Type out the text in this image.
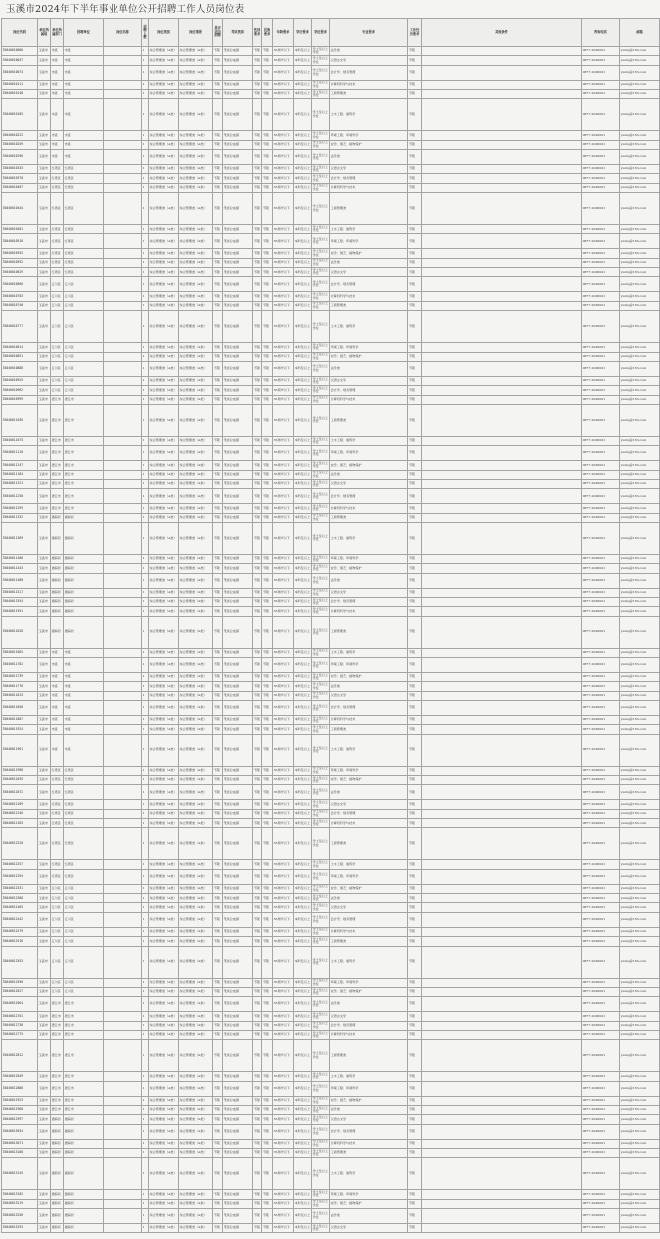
玉溪市2024年下半年事业单位公开招聘工作人员岗位表
岗位代码	单位所属地	单位所属部门	招聘单位	岗位名称	招聘人数	岗位类别	岗位等级	是否定向招聘	考试类别	性别要求	民族要求	年龄要求	学历要求	学位要求	专业要求	工作经历要求	其他条件	咨询电话	邮箱
35040010000	玉溪市	市直	市直		1	综合管理类（A类）	综合管理类（A类）	不限	笔试总成绩	不限	不限	35周岁以下	本科及以上	学士及以上学位	法学类	不限		0877-2026001	yxsrsj@163.com
35040010037	玉溪市	市直	市直		1	综合管理类（A类）	综合管理类（A类）	不限	笔试总成绩	不限	不限	35周岁以下	本科及以上	学士及以上学位	汉语言文学	不限		0877-2026001	yxsrsj@163.com
35040010074	玉溪市	市直	市直		1	综合管理类（A类）	综合管理类（A类）	不限	笔试总成绩	不限	不限	35周岁以下	本科及以上	学士及以上学位	会计学；财务管理	不限		0877-2026001	yxsrsj@163.com
35040010111	玉溪市	市直	市直		1	综合管理类（A类）	综合管理类（A类）	不限	笔试总成绩	不限	不限	35周岁以下	本科及以上	学士及以上学位	计算机科学与技术	不限		0877-2026001	yxsrsj@163.com
35040010148	玉溪市	市直	市直		1	综合管理类（A类）	综合管理类（A类）	不限	笔试总成绩	不限	不限	35周岁以下	本科及以上	学士及以上学位	工商管理类	不限		0877-2026001	yxsrsj@163.com
35040010185	玉溪市	市直	市直		1	综合管理类（A类）	综合管理类（A类）	不限	笔试总成绩	不限	不限	35周岁以下	本科及以上	学士及以上学位	土木工程；建筑学	不限		0877-2026001	yxsrsj@163.com
35040010222	玉溪市	市直	市直		1	综合管理类（A类）	综合管理类（A类）	不限	笔试总成绩	不限	不限	35周岁以下	本科及以上	学士及以上学位	环境工程；环境科学	不限		0877-2026001	yxsrsj@163.com
35040010259	玉溪市	市直	市直		1	综合管理类（A类）	综合管理类（A类）	不限	笔试总成绩	不限	不限	35周岁以下	本科及以上	学士及以上学位	农学；园艺；植物保护	不限		0877-2026001	yxsrsj@163.com
35040010296	玉溪市	市直	市直		1	综合管理类（A类）	综合管理类（A类）	不限	笔试总成绩	不限	不限	35周岁以下	本科及以上	学士及以上学位	法学类	不限		0877-2026001	yxsrsj@163.com
35040010333	玉溪市	红塔区	红塔区		1	综合管理类（A类）	综合管理类（A类）	不限	笔试总成绩	不限	不限	35周岁以下	本科及以上	学士及以上学位	汉语言文学	不限		0877-2026001	yxsrsj@163.com
35040010370	玉溪市	红塔区	红塔区		1	综合管理类（A类）	综合管理类（A类）	不限	笔试总成绩	不限	不限	35周岁以下	本科及以上	学士及以上学位	会计学；财务管理	不限		0877-2026001	yxsrsj@163.com
35040010407	玉溪市	红塔区	红塔区		1	综合管理类（A类）	综合管理类（A类）	不限	笔试总成绩	不限	不限	35周岁以下	本科及以上	学士及以上学位	计算机科学与技术	不限		0877-2026001	yxsrsj@163.com
35040010444	玉溪市	红塔区	红塔区		1	综合管理类（A类）	综合管理类（A类）	不限	笔试总成绩	不限	不限	35周岁以下	本科及以上	学士及以上学位	工商管理类	不限		0877-2026001	yxsrsj@163.com
35040010481	玉溪市	红塔区	红塔区		1	综合管理类（A类）	综合管理类（A类）	不限	笔试总成绩	不限	不限	35周岁以下	本科及以上	学士及以上学位	土木工程；建筑学	不限		0877-2026001	yxsrsj@163.com
35040010518	玉溪市	红塔区	红塔区		1	综合管理类（A类）	综合管理类（A类）	不限	笔试总成绩	不限	不限	35周岁以下	本科及以上	学士及以上学位	环境工程；环境科学	不限		0877-2026001	yxsrsj@163.com
35040010555	玉溪市	红塔区	红塔区		1	综合管理类（A类）	综合管理类（A类）	不限	笔试总成绩	不限	不限	35周岁以下	本科及以上	学士及以上学位	农学；园艺；植物保护	不限		0877-2026001	yxsrsj@163.com
35040010592	玉溪市	红塔区	红塔区		1	综合管理类（A类）	综合管理类（A类）	不限	笔试总成绩	不限	不限	35周岁以下	本科及以上	学士及以上学位	法学类	不限		0877-2026001	yxsrsj@163.com
35040010629	玉溪市	红塔区	红塔区		1	综合管理类（A类）	综合管理类（A类）	不限	笔试总成绩	不限	不限	35周岁以下	本科及以上	学士及以上学位	汉语言文学	不限		0877-2026001	yxsrsj@163.com
35040010666	玉溪市	江川区	江川区		1	综合管理类（A类）	综合管理类（A类）	不限	笔试总成绩	不限	不限	35周岁以下	本科及以上	学士及以上学位	会计学；财务管理	不限		0877-2026001	yxsrsj@163.com
35040010703	玉溪市	江川区	江川区		1	综合管理类（A类）	综合管理类（A类）	不限	笔试总成绩	不限	不限	35周岁以下	本科及以上	学士及以上学位	计算机科学与技术	不限		0877-2026001	yxsrsj@163.com
35040010740	玉溪市	江川区	江川区		1	综合管理类（A类）	综合管理类（A类）	不限	笔试总成绩	不限	不限	35周岁以下	本科及以上	学士及以上学位	工商管理类	不限		0877-2026001	yxsrsj@163.com
35040010777	玉溪市	江川区	江川区		1	综合管理类（A类）	综合管理类（A类）	不限	笔试总成绩	不限	不限	35周岁以下	本科及以上	学士及以上学位	土木工程；建筑学	不限		0877-2026001	yxsrsj@163.com
35040010814	玉溪市	江川区	江川区		1	综合管理类（A类）	综合管理类（A类）	不限	笔试总成绩	不限	不限	35周岁以下	本科及以上	学士及以上学位	环境工程；环境科学	不限		0877-2026001	yxsrsj@163.com
35040010851	玉溪市	江川区	江川区		1	综合管理类（A类）	综合管理类（A类）	不限	笔试总成绩	不限	不限	35周岁以下	本科及以上	学士及以上学位	农学；园艺；植物保护	不限		0877-2026001	yxsrsj@163.com
35040010888	玉溪市	江川区	江川区		1	综合管理类（A类）	综合管理类（A类）	不限	笔试总成绩	不限	不限	35周岁以下	本科及以上	学士及以上学位	法学类	不限		0877-2026001	yxsrsj@163.com
35040010925	玉溪市	江川区	江川区		1	综合管理类（A类）	综合管理类（A类）	不限	笔试总成绩	不限	不限	35周岁以下	本科及以上	学士及以上学位	汉语言文学	不限		0877-2026001	yxsrsj@163.com
35040010962	玉溪市	江川区	江川区		1	综合管理类（A类）	综合管理类（A类）	不限	笔试总成绩	不限	不限	35周岁以下	本科及以上	学士及以上学位	会计学；财务管理	不限		0877-2026001	yxsrsj@163.com
35040010999	玉溪市	澄江市	澄江市		1	综合管理类（A类）	综合管理类（A类）	不限	笔试总成绩	不限	不限	35周岁以下	本科及以上	学士及以上学位	计算机科学与技术	不限		0877-2026001	yxsrsj@163.com
35040011036	玉溪市	澄江市	澄江市		1	综合管理类（A类）	综合管理类（A类）	不限	笔试总成绩	不限	不限	35周岁以下	本科及以上	学士及以上学位	工商管理类	不限		0877-2026001	yxsrsj@163.com
35040011073	玉溪市	澄江市	澄江市		1	综合管理类（A类）	综合管理类（A类）	不限	笔试总成绩	不限	不限	35周岁以下	本科及以上	学士及以上学位	土木工程；建筑学	不限		0877-2026001	yxsrsj@163.com
35040011110	玉溪市	澄江市	澄江市		1	综合管理类（A类）	综合管理类（A类）	不限	笔试总成绩	不限	不限	35周岁以下	本科及以上	学士及以上学位	环境工程；环境科学	不限		0877-2026001	yxsrsj@163.com
35040011147	玉溪市	澄江市	澄江市		1	综合管理类（A类）	综合管理类（A类）	不限	笔试总成绩	不限	不限	35周岁以下	本科及以上	学士及以上学位	农学；园艺；植物保护	不限		0877-2026001	yxsrsj@163.com
35040011184	玉溪市	澄江市	澄江市		1	综合管理类（A类）	综合管理类（A类）	不限	笔试总成绩	不限	不限	35周岁以下	本科及以上	学士及以上学位	法学类	不限		0877-2026001	yxsrsj@163.com
35040011221	玉溪市	澄江市	澄江市		1	综合管理类（A类）	综合管理类（A类）	不限	笔试总成绩	不限	不限	35周岁以下	本科及以上	学士及以上学位	汉语言文学	不限		0877-2026001	yxsrsj@163.com
35040011258	玉溪市	澄江市	澄江市		1	综合管理类（A类）	综合管理类（A类）	不限	笔试总成绩	不限	不限	35周岁以下	本科及以上	学士及以上学位	会计学；财务管理	不限		0877-2026001	yxsrsj@163.com
35040011295	玉溪市	澄江市	澄江市		1	综合管理类（A类）	综合管理类（A类）	不限	笔试总成绩	不限	不限	35周岁以下	本科及以上	学士及以上学位	计算机科学与技术	不限		0877-2026001	yxsrsj@163.com
35040011332	玉溪市	通海县	通海县		1	综合管理类（A类）	综合管理类（A类）	不限	笔试总成绩	不限	不限	35周岁以下	本科及以上	学士及以上学位	工商管理类	不限		0877-2026001	yxsrsj@163.com
35040011369	玉溪市	通海县	通海县		1	综合管理类（A类）	综合管理类（A类）	不限	笔试总成绩	不限	不限	35周岁以下	本科及以上	学士及以上学位	土木工程；建筑学	不限		0877-2026001	yxsrsj@163.com
35040011406	玉溪市	通海县	通海县		1	综合管理类（A类）	综合管理类（A类）	不限	笔试总成绩	不限	不限	35周岁以下	本科及以上	学士及以上学位	环境工程；环境科学	不限		0877-2026001	yxsrsj@163.com
35040011443	玉溪市	通海县	通海县		1	综合管理类（A类）	综合管理类（A类）	不限	笔试总成绩	不限	不限	35周岁以下	本科及以上	学士及以上学位	农学；园艺；植物保护	不限		0877-2026001	yxsrsj@163.com
35040011480	玉溪市	通海县	通海县		1	综合管理类（A类）	综合管理类（A类）	不限	笔试总成绩	不限	不限	35周岁以下	本科及以上	学士及以上学位	法学类	不限		0877-2026001	yxsrsj@163.com
35040011517	玉溪市	通海县	通海县		1	综合管理类（A类）	综合管理类（A类）	不限	笔试总成绩	不限	不限	35周岁以下	本科及以上	学士及以上学位	汉语言文学	不限		0877-2026001	yxsrsj@163.com
35040011554	玉溪市	通海县	通海县		1	综合管理类（A类）	综合管理类（A类）	不限	笔试总成绩	不限	不限	35周岁以下	本科及以上	学士及以上学位	会计学；财务管理	不限		0877-2026001	yxsrsj@163.com
35040011591	玉溪市	通海县	通海县		1	综合管理类（A类）	综合管理类（A类）	不限	笔试总成绩	不限	不限	35周岁以下	本科及以上	学士及以上学位	计算机科学与技术	不限		0877-2026001	yxsrsj@163.com
35040011628	玉溪市	通海县	通海县		1	综合管理类（A类）	综合管理类（A类）	不限	笔试总成绩	不限	不限	35周岁以下	本科及以上	学士及以上学位	工商管理类	不限		0877-2026001	yxsrsj@163.com
35040011665	玉溪市	市直	市直		1	综合管理类（A类）	综合管理类（A类）	不限	笔试总成绩	不限	不限	35周岁以下	本科及以上	学士及以上学位	土木工程；建筑学	不限		0877-2026001	yxsrsj@163.com
35040011702	玉溪市	市直	市直		1	综合管理类（A类）	综合管理类（A类）	不限	笔试总成绩	不限	不限	35周岁以下	本科及以上	学士及以上学位	环境工程；环境科学	不限		0877-2026001	yxsrsj@163.com
35040011739	玉溪市	市直	市直		1	综合管理类（A类）	综合管理类（A类）	不限	笔试总成绩	不限	不限	35周岁以下	本科及以上	学士及以上学位	农学；园艺；植物保护	不限		0877-2026001	yxsrsj@163.com
35040011776	玉溪市	市直	市直		1	综合管理类（A类）	综合管理类（A类）	不限	笔试总成绩	不限	不限	35周岁以下	本科及以上	学士及以上学位	法学类	不限		0877-2026001	yxsrsj@163.com
35040011813	玉溪市	市直	市直		1	综合管理类（A类）	综合管理类（A类）	不限	笔试总成绩	不限	不限	35周岁以下	本科及以上	学士及以上学位	汉语言文学	不限		0877-2026001	yxsrsj@163.com
35040011850	玉溪市	市直	市直		1	综合管理类（A类）	综合管理类（A类）	不限	笔试总成绩	不限	不限	35周岁以下	本科及以上	学士及以上学位	会计学；财务管理	不限		0877-2026001	yxsrsj@163.com
35040011887	玉溪市	市直	市直		1	综合管理类（A类）	综合管理类（A类）	不限	笔试总成绩	不限	不限	35周岁以下	本科及以上	学士及以上学位	计算机科学与技术	不限		0877-2026001	yxsrsj@163.com
35040011924	玉溪市	市直	市直		1	综合管理类（A类）	综合管理类（A类）	不限	笔试总成绩	不限	不限	35周岁以下	本科及以上	学士及以上学位	工商管理类	不限		0877-2026001	yxsrsj@163.com
35040011961	玉溪市	市直	市直		1	综合管理类（A类）	综合管理类（A类）	不限	笔试总成绩	不限	不限	35周岁以下	本科及以上	学士及以上学位	土木工程；建筑学	不限		0877-2026001	yxsrsj@163.com
35040011998	玉溪市	红塔区	红塔区		1	综合管理类（A类）	综合管理类（A类）	不限	笔试总成绩	不限	不限	35周岁以下	本科及以上	学士及以上学位	环境工程；环境科学	不限		0877-2026001	yxsrsj@163.com
35040012035	玉溪市	红塔区	红塔区		1	综合管理类（A类）	综合管理类（A类）	不限	笔试总成绩	不限	不限	35周岁以下	本科及以上	学士及以上学位	农学；园艺；植物保护	不限		0877-2026001	yxsrsj@163.com
35040012072	玉溪市	红塔区	红塔区		1	综合管理类（A类）	综合管理类（A类）	不限	笔试总成绩	不限	不限	35周岁以下	本科及以上	学士及以上学位	法学类	不限		0877-2026001	yxsrsj@163.com
35040012109	玉溪市	红塔区	红塔区		1	综合管理类（A类）	综合管理类（A类）	不限	笔试总成绩	不限	不限	35周岁以下	本科及以上	学士及以上学位	汉语言文学	不限		0877-2026001	yxsrsj@163.com
35040012146	玉溪市	红塔区	红塔区		1	综合管理类（A类）	综合管理类（A类）	不限	笔试总成绩	不限	不限	35周岁以下	本科及以上	学士及以上学位	会计学；财务管理	不限		0877-2026001	yxsrsj@163.com
35040012183	玉溪市	红塔区	红塔区		1	综合管理类（A类）	综合管理类（A类）	不限	笔试总成绩	不限	不限	35周岁以下	本科及以上	学士及以上学位	计算机科学与技术	不限		0877-2026001	yxsrsj@163.com
35040012220	玉溪市	红塔区	红塔区		1	综合管理类（A类）	综合管理类（A类）	不限	笔试总成绩	不限	不限	35周岁以下	本科及以上	学士及以上学位	工商管理类	不限		0877-2026001	yxsrsj@163.com
35040012257	玉溪市	红塔区	红塔区		1	综合管理类（A类）	综合管理类（A类）	不限	笔试总成绩	不限	不限	35周岁以下	本科及以上	学士及以上学位	土木工程；建筑学	不限		0877-2026001	yxsrsj@163.com
35040012294	玉溪市	红塔区	红塔区		1	综合管理类（A类）	综合管理类（A类）	不限	笔试总成绩	不限	不限	35周岁以下	本科及以上	学士及以上学位	环境工程；环境科学	不限		0877-2026001	yxsrsj@163.com
35040012331	玉溪市	江川区	江川区		1	综合管理类（A类）	综合管理类（A类）	不限	笔试总成绩	不限	不限	35周岁以下	本科及以上	学士及以上学位	农学；园艺；植物保护	不限		0877-2026001	yxsrsj@163.com
35040012368	玉溪市	江川区	江川区		1	综合管理类（A类）	综合管理类（A类）	不限	笔试总成绩	不限	不限	35周岁以下	本科及以上	学士及以上学位	法学类	不限		0877-2026001	yxsrsj@163.com
35040012405	玉溪市	江川区	江川区		1	综合管理类（A类）	综合管理类（A类）	不限	笔试总成绩	不限	不限	35周岁以下	本科及以上	学士及以上学位	汉语言文学	不限		0877-2026001	yxsrsj@163.com
35040012442	玉溪市	江川区	江川区		1	综合管理类（A类）	综合管理类（A类）	不限	笔试总成绩	不限	不限	35周岁以下	本科及以上	学士及以上学位	会计学；财务管理	不限		0877-2026001	yxsrsj@163.com
35040012479	玉溪市	江川区	江川区		1	综合管理类（A类）	综合管理类（A类）	不限	笔试总成绩	不限	不限	35周岁以下	本科及以上	学士及以上学位	计算机科学与技术	不限		0877-2026001	yxsrsj@163.com
35040012516	玉溪市	江川区	江川区		1	综合管理类（A类）	综合管理类（A类）	不限	笔试总成绩	不限	不限	35周岁以下	本科及以上	学士及以上学位	工商管理类	不限		0877-2026001	yxsrsj@163.com
35040012553	玉溪市	江川区	江川区		1	综合管理类（A类）	综合管理类（A类）	不限	笔试总成绩	不限	不限	35周岁以下	本科及以上	学士及以上学位	土木工程；建筑学	不限		0877-2026001	yxsrsj@163.com
35040012590	玉溪市	江川区	江川区		1	综合管理类（A类）	综合管理类（A类）	不限	笔试总成绩	不限	不限	35周岁以下	本科及以上	学士及以上学位	环境工程；环境科学	不限		0877-2026001	yxsrsj@163.com
35040012627	玉溪市	江川区	江川区		1	综合管理类（A类）	综合管理类（A类）	不限	笔试总成绩	不限	不限	35周岁以下	本科及以上	学士及以上学位	农学；园艺；植物保护	不限		0877-2026001	yxsrsj@163.com
35040012664	玉溪市	澄江市	澄江市		1	综合管理类（A类）	综合管理类（A类）	不限	笔试总成绩	不限	不限	35周岁以下	本科及以上	学士及以上学位	法学类	不限		0877-2026001	yxsrsj@163.com
35040012701	玉溪市	澄江市	澄江市		1	综合管理类（A类）	综合管理类（A类）	不限	笔试总成绩	不限	不限	35周岁以下	本科及以上	学士及以上学位	汉语言文学	不限		0877-2026001	yxsrsj@163.com
35040012738	玉溪市	澄江市	澄江市		1	综合管理类（A类）	综合管理类（A类）	不限	笔试总成绩	不限	不限	35周岁以下	本科及以上	学士及以上学位	会计学；财务管理	不限		0877-2026001	yxsrsj@163.com
35040012775	玉溪市	澄江市	澄江市		1	综合管理类（A类）	综合管理类（A类）	不限	笔试总成绩	不限	不限	35周岁以下	本科及以上	学士及以上学位	计算机科学与技术	不限		0877-2026001	yxsrsj@163.com
35040012812	玉溪市	澄江市	澄江市		1	综合管理类（A类）	综合管理类（A类）	不限	笔试总成绩	不限	不限	35周岁以下	本科及以上	学士及以上学位	工商管理类	不限		0877-2026001	yxsrsj@163.com
35040012849	玉溪市	澄江市	澄江市		1	综合管理类（A类）	综合管理类（A类）	不限	笔试总成绩	不限	不限	35周岁以下	本科及以上	学士及以上学位	土木工程；建筑学	不限		0877-2026001	yxsrsj@163.com
35040012886	玉溪市	澄江市	澄江市		1	综合管理类（A类）	综合管理类（A类）	不限	笔试总成绩	不限	不限	35周岁以下	本科及以上	学士及以上学位	环境工程；环境科学	不限		0877-2026001	yxsrsj@163.com
35040012923	玉溪市	澄江市	澄江市		1	综合管理类（A类）	综合管理类（A类）	不限	笔试总成绩	不限	不限	35周岁以下	本科及以上	学士及以上学位	农学；园艺；植物保护	不限		0877-2026001	yxsrsj@163.com
35040012960	玉溪市	澄江市	澄江市		1	综合管理类（A类）	综合管理类（A类）	不限	笔试总成绩	不限	不限	35周岁以下	本科及以上	学士及以上学位	法学类	不限		0877-2026001	yxsrsj@163.com
35040012997	玉溪市	通海县	通海县		1	综合管理类（A类）	综合管理类（A类）	不限	笔试总成绩	不限	不限	35周岁以下	本科及以上	学士及以上学位	汉语言文学	不限		0877-2026001	yxsrsj@163.com
35040013034	玉溪市	通海县	通海县		1	综合管理类（A类）	综合管理类（A类）	不限	笔试总成绩	不限	不限	35周岁以下	本科及以上	学士及以上学位	会计学；财务管理	不限		0877-2026001	yxsrsj@163.com
35040013071	玉溪市	通海县	通海县		1	综合管理类（A类）	综合管理类（A类）	不限	笔试总成绩	不限	不限	35周岁以下	本科及以上	学士及以上学位	计算机科学与技术	不限		0877-2026001	yxsrsj@163.com
35040013108	玉溪市	通海县	通海县		1	综合管理类（A类）	综合管理类（A类）	不限	笔试总成绩	不限	不限	35周岁以下	本科及以上	学士及以上学位	工商管理类	不限		0877-2026001	yxsrsj@163.com
35040013145	玉溪市	通海县	通海县		1	综合管理类（A类）	综合管理类（A类）	不限	笔试总成绩	不限	不限	35周岁以下	本科及以上	学士及以上学位	土木工程；建筑学	不限		0877-2026001	yxsrsj@163.com
35040013182	玉溪市	通海县	通海县		1	综合管理类（A类）	综合管理类（A类）	不限	笔试总成绩	不限	不限	35周岁以下	本科及以上	学士及以上学位	环境工程；环境科学	不限		0877-2026001	yxsrsj@163.com
35040013219	玉溪市	通海县	通海县		1	综合管理类（A类）	综合管理类（A类）	不限	笔试总成绩	不限	不限	35周岁以下	本科及以上	学士及以上学位	农学；园艺；植物保护	不限		0877-2026001	yxsrsj@163.com
35040013256	玉溪市	通海县	通海县		1	综合管理类（A类）	综合管理类（A类）	不限	笔试总成绩	不限	不限	35周岁以下	本科及以上	学士及以上学位	法学类	不限		0877-2026001	yxsrsj@163.com
35040013293	玉溪市	通海县	通海县		1	综合管理类（A类）	综合管理类（A类）	不限	笔试总成绩	不限	不限	35周岁以下	本科及以上	学士及以上学位	汉语言文学	不限		0877-2026001	yxsrsj@163.com
